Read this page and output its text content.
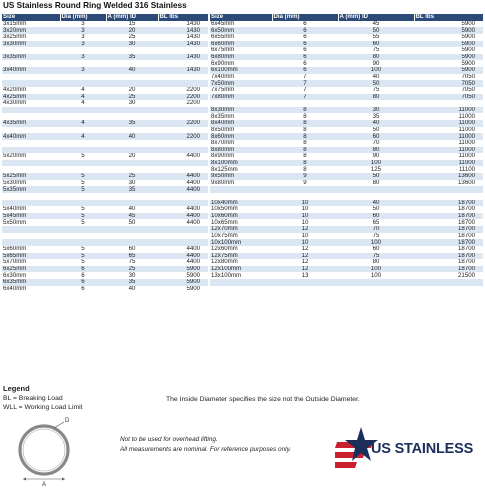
US Stainless Round Ring Welded 316 Stainless
Size	Dia (mm)	A (mm) ID	BL lbs
3x15mm	3	15	1430
3x20mm	3	20	1430
3x25mm	3	25	1430
3x30mm	3	30	1430

3x35mm	3	35	1430

3x40mm	3	40	1430

4x20mm	4	20	2200
4x25mm	4	25	2200
4x30mm	4	30	2200

4x35mm	4	35	2200

4x40mm	4	40	2200

5x20mm	5	20	4400

5x25mm	5	25	4400
5x30mm	5	30	4400
5x35mm	5	35	4400

5x40mm	5	40	4400
5x45mm	5	45	4400
5x50mm	5	50	4400

5x60mm	5	60	4400
5x65mm	5	65	4400
5x70mm	5	75	4400
6x25mm	6	25	5900
6x30mm	6	30	5900
6x35mm	6	35	5900
6x40mm	6	40	5900
Size	Dia (mm)	A (mm) ID	BL lbs
6x45mm	6	45	5900
6x50mm	6	50	5900
6x55mm	6	55	5900
6x60mm	6	60	5900
6x75mm	6	75	5900
6x80mm	6	80	5900
6x90mm	6	90	5900
6x100mm	6	100	5900
7x40mm	7	40	7050
7x50mm	7	50	7050
7x75mm	7	75	7050
7x80mm	7	80	7050

8x30mm	8	30	11000
8x35mm	8	35	11000
8x40mm	8	40	11000
8x50mm	8	50	11000
8x60mm	8	60	11000
8x70mm	8	70	11000
8x80mm	8	80	11000
8x90mm	8	90	11000
8x100mm	8	100	11000
8x125mm	8	125	11100
9x50mm	9	50	13600
9x80mm	9	80	13600

10x40mm	10	40	18700
10x50mm	10	50	18700
10x60mm	10	60	18700
10x65mm	10	65	18700
12x70mm	12	70	18700
10x75mm	10	75	18700
10x100mm	10	100	18700
12x60mm	12	60	18700
12x75mm	12	75	18700
12x80mm	12	80	18700
12x100mm	12	100	18700
13x100mm	13	100	21500

Legend
BL = Breaking Load
WLL = Working Load Limit
The Inside Diameter specifies the size not the Outside Diameter.
D
A
Not to be used for overhead lifting.
All measurements are nominal. For reference purposes only.	US STAINLESS
